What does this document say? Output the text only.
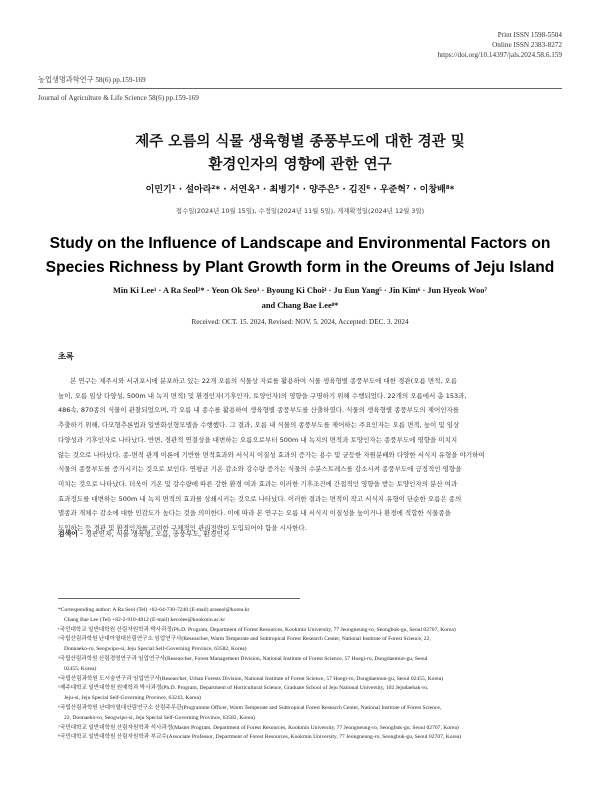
Print ISSN 1598-5504
Online ISSN 2383-8272
https://doi.org/10.14397/jals.2024.58.6.159
농업생명과학연구 58(6) pp.159-169
Journal of Agriculture & Life Science 58(6) pp.159-169
제주 오름의 식물 생육형별 종풍부도에 대한 경관 및
환경인자의 영향에 관한 연구
이민기¹ · 설아라²* · 서연옥³ · 최병기⁴ · 양주은⁵ · 김진⁶ · 우준혁⁷ · 이창배⁸*
접수일(2024년 10월 15일), 수정일(2024년 11월 5일), 게재확정일(2024년 12월 3일)
Study on the Influence of Landscape and Environmental Factors on
Species Richness by Plant Growth form in the Oreums of Jeju Island
Min Ki Lee¹ · A Ra Seol²* · Yeon Ok Seo³ · Byoung Ki Choi⁴ · Ju Eun Yang⁵ · Jin Kim⁶ · Jun Hyeok Woo⁷
and Chang Bae Lee⁸*
Received: OCT. 15. 2024, Revised: NOV. 5. 2024, Accepted: DEC. 3. 2024
초록
본 연구는 제주시와 서귀포시에 분포하고 있는 22개 오름의 식물상 자료를 활용하여 식물 생육형별 종풍부도에 대한 경관(오름 면적, 오름
높이, 오름 임상 다양성, 500m 내 녹지 면적) 및 환경인자(기후인자, 토양인자)의 영향을 구명하기 위해 수행되었다. 22개의 오름에서 총 153과,
486속, 870종의 식물이 관찰되었으며, 각 오름 내 종수를 활용하여 생육형별 종풍부도를 산출하였다. 식물의 생육형별 종풍부도의 제어인자를
추출하기 위해, 다모형추론법과 일반화선형모델을 수행했다. 그 결과, 오름 내 식물의 종풍부도를 제어하는 주요인자는 오름 면적, 높이 및 임상
다양성과 기후인자로 나타났다. 반면, 경관적 연결성을 대변하는 오름으로부터 500m 내 녹지의 면적과 토양인자는 종풍부도에 영향을 미치지
않는 것으로 나타났다. 종-면적 관계 이론에 기반한 면적효과와 서식지 이질성 효과의 증가는 용수 및 균등한 자원분배와 다양한 서식지 유형을 야기하여
식물의 종풍부도를 증가시키는 것으로 보인다. 연평균 기온 감소와 강수량 증가는 식물의 수분스트레스를 감소시켜 종풍부도에 긍정적인 영향을
미치는 것으로 나타났다. 더욱이 기온 및 강수량에 따른 강한 환경 여과 효과는 이러한 기후조건에 간접적인 영향을 받는 토양인자의 분산 여과
효과정도를 대변하는 500m 내 녹지 면적의 효과를 상쇄시키는 것으로 나타났다. 이러한 결과는 면적이 작고 서식지 유형이 단순한 오름은 종의
멸종과 개체수 감소에 대한 민감도가 높다는 것을 의미한다. 이에 따라 본 연구는 오름 내 서식지 이질성을 높이거나 환경에 적합한 식물종을
도입하는 등 경관 및 환경인자를 고려한 구체적인 관리전략이 도입되어야 함을 시사한다.
검색어 – 경관인자, 식물 생육형, 오름, 종풍부도, 환경인자
*Corresponding author: A Ra Seol (Tel) +82-64-730-7240 (E-mail) araseol@korea.kr
Chang Bae Lee (Tel) +82-2-910-4812 (E-mail) kecolee@kookmin.ac.kr
¹국민대학교 일반대학원 산림자원학과 박사과정(Ph.D. Program, Department of Forest Resources, Kookmin University, 77 Jeongneung-ro, Seongbuk-gu, Seoul 02707, Korea)
²국립산림과학원 난대아열대산림연구소 임업연구사(Researcher, Warm Temperate and Subtropical Forest Research Center, National Institute of Forest Science, 22,
Donnaeko-ro, Seogwipo-si, Jeju Special Self-Governing Province, 63582, Korea)
³국립산림과학원 산림경영연구과 임업연구사(Researcher, Forest Management Division, National Institute of Forest Science, 57 Hoegi-ro, Dongdaemun-gu, Seoul
02455, Korea)
⁴국립산림과학원 도시숲연구과 임업연구사(Researcher, Urban Forests Division, National Institute of Forest Science, 57 Hoegi-ro, Dongdaemun-gu, Seoul 02455, Korea)
⁵제주대학교 일반대학원 원예학과 박사과정(Ph.D. Program, Department of Horticultural Science, Graduate School of Jeju National University, 102 Jejudaehak-ro,
Jeju-si, Jeju Special Self-Governing Province, 63243, Korea)
⁶국립산림과학원 난대아열대산림연구소 산림주무관(Programme Officer, Warm Temperate and Subtropical Forest Research Center, National Institute of Forest Science,
22, Donnaeko-ro, Seogwipo-si, Jeju Special Self-Governing Province, 63582, Korea)
⁷국민대학교 일반대학원 산림자원학과 석사과정(Master Program, Department of Forest Resources, Kookmin University, 77 Jeongneung-ro, Seongbuk-gu, Seoul 02707, Korea)
⁸국민대학교 일반대학원 산림자원학과 부교수(Associate Professor, Department of Forest Resources, Kookmin University, 77 Jeongneung-ro, Seongbuk-gu, Seoul 02707, Korea)
